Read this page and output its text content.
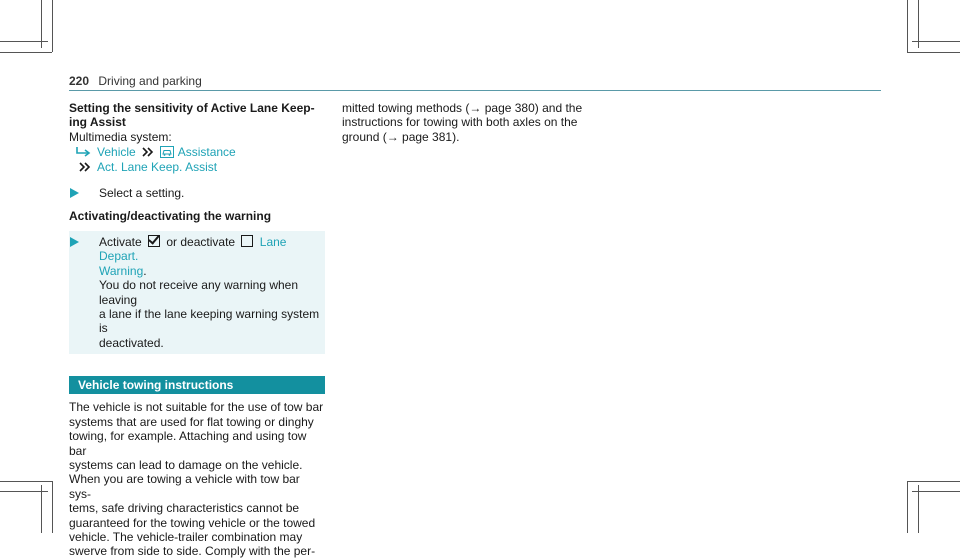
220 Driving and parking
Setting the sensitivity of Active Lane Keep-
ing Assist
Multimedia system:
Vehicle	Assistance
Act. Lane Keep. Assist
Select a setting.
Activating/deactivating the warning
Activate or deactivate Lane Depart.
Warning.
You do not receive any warning when leaving
a lane if the lane keeping warning system is
deactivated.
Vehicle towing instructions
The vehicle is not suitable for the use of tow bar
systems that are used for flat towing or dinghy
towing, for example. Attaching and using tow bar
systems can lead to damage on the vehicle.
When you are towing a vehicle with tow bar sys-
tems, safe driving characteristics cannot be
guaranteed for the towing vehicle or the towed
vehicle. The vehicle-trailer combination may
swerve from side to side. Comply with the per-
mitted towing methods (→ page 380) and the
instructions for towing with both axles on the
ground (→ page 381).
